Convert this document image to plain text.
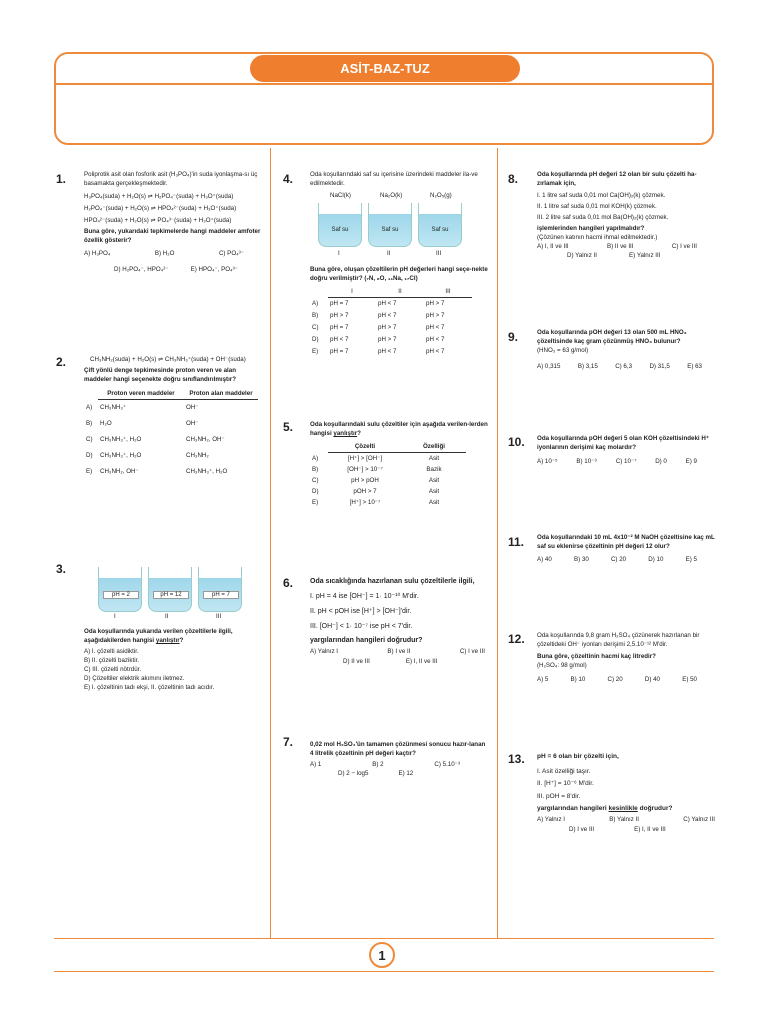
ASİT-BAZ-TUZ
1
1.	Poliprotik asit olan fosforik asit (H₃PO₄)'in suda iyonlaşma-sı üç basamakta gerçekleşmektedir.
H₃PO₄(suda) + H₂O(s) ⇌ H₂PO₄⁻(suda) + H₃O⁺(suda)
H₂PO₄⁻(suda) + H₂O(s) ⇌ HPO₄²⁻(suda) + H₃O⁺(suda)
HPO₄²⁻(suda) + H₂O(s) ⇌ PO₄³⁻(suda) + H₃O⁺(suda)
Buna göre, yukarıdaki tepkimelerde hangi maddeler amfoter özellik gösterir?
A) H₃PO₄	B) H₂O	C) PO₄³⁻
D) H₂PO₄⁻, HPO₄²⁻	E) HPO₄⁻, PO₄³⁻
2.	CH₃NH₂(suda) + H₂O(s) ⇌ CH₃NH₃⁺(suda) + OH⁻(suda)
Çift yönlü denge tepkimesinde proton veren ve alan maddeler hangi seçenekte doğru sınıflandırılmıştır?
	Proton veren maddeler	Proton alan maddeler
A)	CH₃NH₃⁺	OH⁻
B)	H₂O	OH⁻
C)	CH₃NH₃⁺, H₂O	CH₃NH₂, OH⁻
D)	CH₃NH₃⁺, H₂O	CH₃NH₂
E)	CH₃NH₂, OH⁻	CH₃NH₃⁺, H₂O
3.
pH = 2	pH = 12	pH = 7
I	II	III
Oda koşullarında yukarıda verilen çözeltilerle ilgili, aşağıdakilerden hangisi yanlıştır?
A) I. çözelti asidiktir.
B) II. çözelti baziktir.
C) III. çözelti nötrdür.
D) Çözeltiler elektrik akımını iletmez.
E) I. çözeltinin tadı ekşi, II. çözeltinin tadı acıdır.
4.	Oda koşullarındaki saf su içerisine üzerindeki maddeler ila-ve edilmektedir.
NaCl(k)	Na₂O(k)	N₂O₅(g)
Saf su	Saf su	Saf su
I	II	III
Buna göre, oluşan çözeltilerin pH değerleri hangi seçe-nekte doğru verilmiştir? (₇N, ₈O, ₁₁Na, ₁₇Cl)
	I	II	III
A)	pH = 7	pH < 7	pH > 7
B)	pH > 7	pH < 7	pH > 7
C)	pH = 7	pH > 7	pH < 7
D)	pH < 7	pH > 7	pH < 7
E)	pH = 7	pH < 7	pH < 7
5.	Oda koşullarındaki sulu çözeltiler için aşağıda verilen-lerden hangisi yanlıştır?
	Çözelti	Özelliği
A)	[H⁺] > [OH⁻]	Asit
B)	[OH⁻] > 10⁻⁷	Bazik
C)	pH > pOH	Asit
D)	pOH > 7	Asit
E)	[H⁺] > 10⁻⁷	Asit
6. Oda sıcaklığında hazırlanan sulu çözeltilerle ilgili,
I. pH = 4 ise [OH⁻] = 1· 10⁻¹⁰ M'dir.
II. pH < pOH ise [H⁺] > [OH⁻]'dir.
III. [OH⁻] < 1· 10⁻⁷ ise pH < 7'dir.
yargılarından hangileri doğrudur?
A) Yalnız I	B) I ve II	C) I ve III
D) II ve III	E) I, II ve III
7.	0,02 mol H₂SO₄'ün tamamen çözünmesi sonucu hazır-lanan 4 litrelik çözeltinin pH değeri kaçtır?
A) 1	B) 2	C) 5.10⁻³
D) 2 − log5	E) 12
8.	Oda koşullarında pH değeri 12 olan bir sulu çözelti ha-zırlamak için,
I. 1 litre saf suda 0,01 mol Ca(OH)₂(k) çözmek.
II. 1 litre saf suda 0,01 mol KOH(k) çözmek.
III. 2 litre saf suda 0,01 mol Ba(OH)₂(k) çözmek.
işlemlerinden hangileri yapılmalıdır?
(Çözünen katının hacmi ihmal edilmektedir.)
A) I, II ve III	B) II ve III	C) I ve III
D) Yalnız II	E) Yalnız III
9.	Oda koşullarında pOH değeri 13 olan 500 mL HNO₃ çözeltisinde kaç gram çözünmüş HNO₃ bulunur?
(HNO₃ = 63 g/mol)
A) 0,315	B) 3,15	C) 6,3	D) 31,5	E) 63
10. Oda koşullarında pOH değeri 5 olan KOH çözeltisindeki H⁺ iyonlarının derişimi kaç molardır?
A) 10⁻⁵	B) 10⁻⁹	C) 10⁻⁷	D) 0	E) 9
11. Oda koşullarındaki 10 mL 4x10⁻² M NaOH çözeltisine kaç mL saf su eklenirse çözeltinin pH değeri 12 olur?
A) 40	B) 30	C) 20	D) 10	E) 5
12. Oda koşullarında 9,8 gram H₂SO₄ çözünerek hazırlanan bir çözeltideki OH⁻ iyonları derişimi 2,5.10⁻¹² M'dir.
Buna göre, çözeltinin hacmi kaç litredir?
(H₂SO₄: 98 g/mol)
A) 5	B) 10	C) 20	D) 40	E) 50
13. pH = 6 olan bir çözelti için,
I. Asit özelliği taşır.
II. [H⁺] = 10⁻⁶ M'dir.
III. pOH = 8'dir.
yargılarından hangileri kesinlikle doğrudur?
A) Yalnız I	B) Yalnız II	C) Yalnız III
D) I ve III	E) I, II ve III
